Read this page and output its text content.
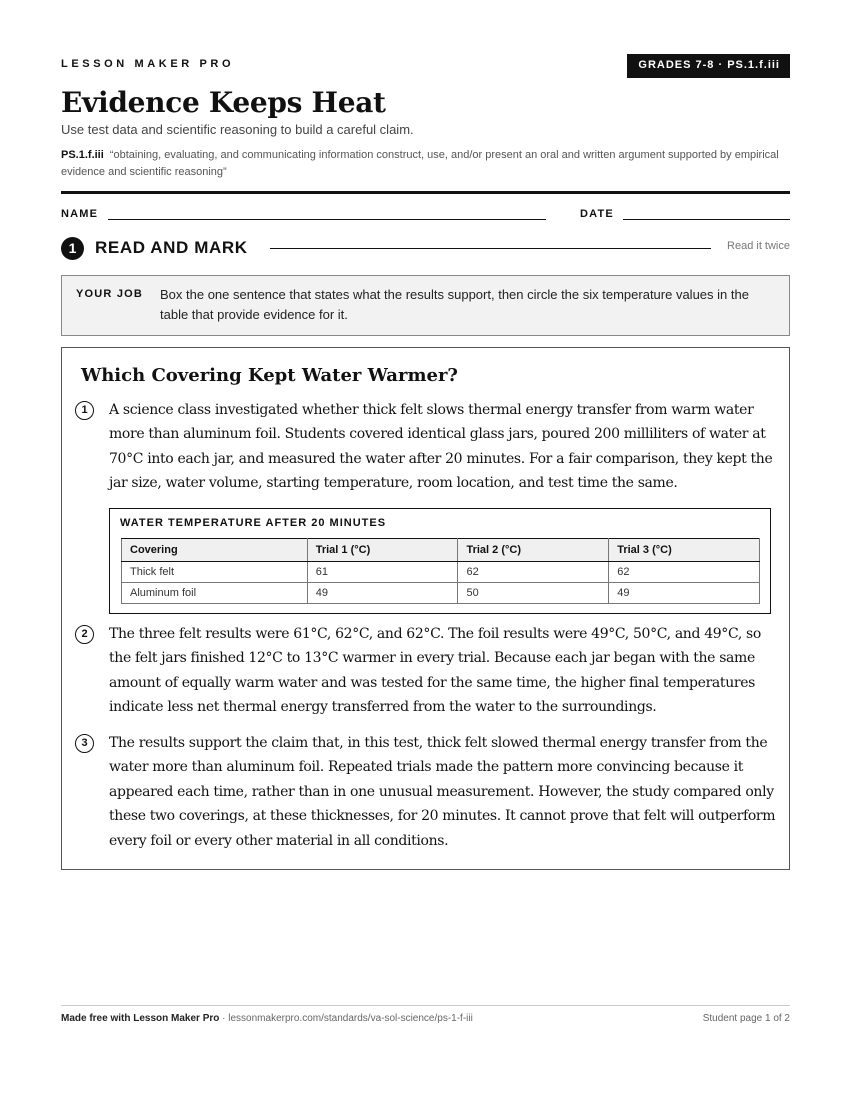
LESSON MAKER PRO	GRADES 7-8 · PS.1.f.iii
Evidence Keeps Heat
Use test data and scientific reasoning to build a careful claim.
PS.1.f.iii “obtaining, evaluating, and communicating information construct, use, and/or present an oral and written argument supported by empirical evidence and scientific reasoning”
NAME	DATE
1	READ AND MARK	Read it twice
YOUR JOB Box the one sentence that states what the results support, then circle the six temperature values in the table that provide evidence for it.
Which Covering Kept Water Warmer?
1	A science class investigated whether thick felt slows thermal energy transfer from warm water more than aluminum foil. Students covered identical glass jars, poured 200 milliliters of water at 70°C into each jar, and measured the water after 20 minutes. For a fair comparison, they kept the jar size, water volume, starting temperature, room location, and test time the same.
WATER TEMPERATURE AFTER 20 MINUTES
Covering	Trial 1 (°C)	Trial 2 (°C)	Trial 3 (°C)
Thick felt	61	62	62
Aluminum foil	49	50	49
2	The three felt results were 61°C, 62°C, and 62°C. The foil results were 49°C, 50°C, and 49°C, so the felt jars finished 12°C to 13°C warmer in every trial. Because each jar began with the same amount of equally warm water and was tested for the same time, the higher final temperatures indicate less net thermal energy transferred from the water to the surroundings.
3	The results support the claim that, in this test, thick felt slowed thermal energy transfer from the water more than aluminum foil. Repeated trials made the pattern more convincing because it appeared each time, rather than in one unusual measurement. However, the study compared only these two coverings, at these thicknesses, for 20 minutes. It cannot prove that felt will outperform every foil or every other material in all conditions.
Made free with Lesson Maker Pro · lessonmakerpro.com/standards/va-sol-science/ps-1-f-iii	Student page 1 of 2
